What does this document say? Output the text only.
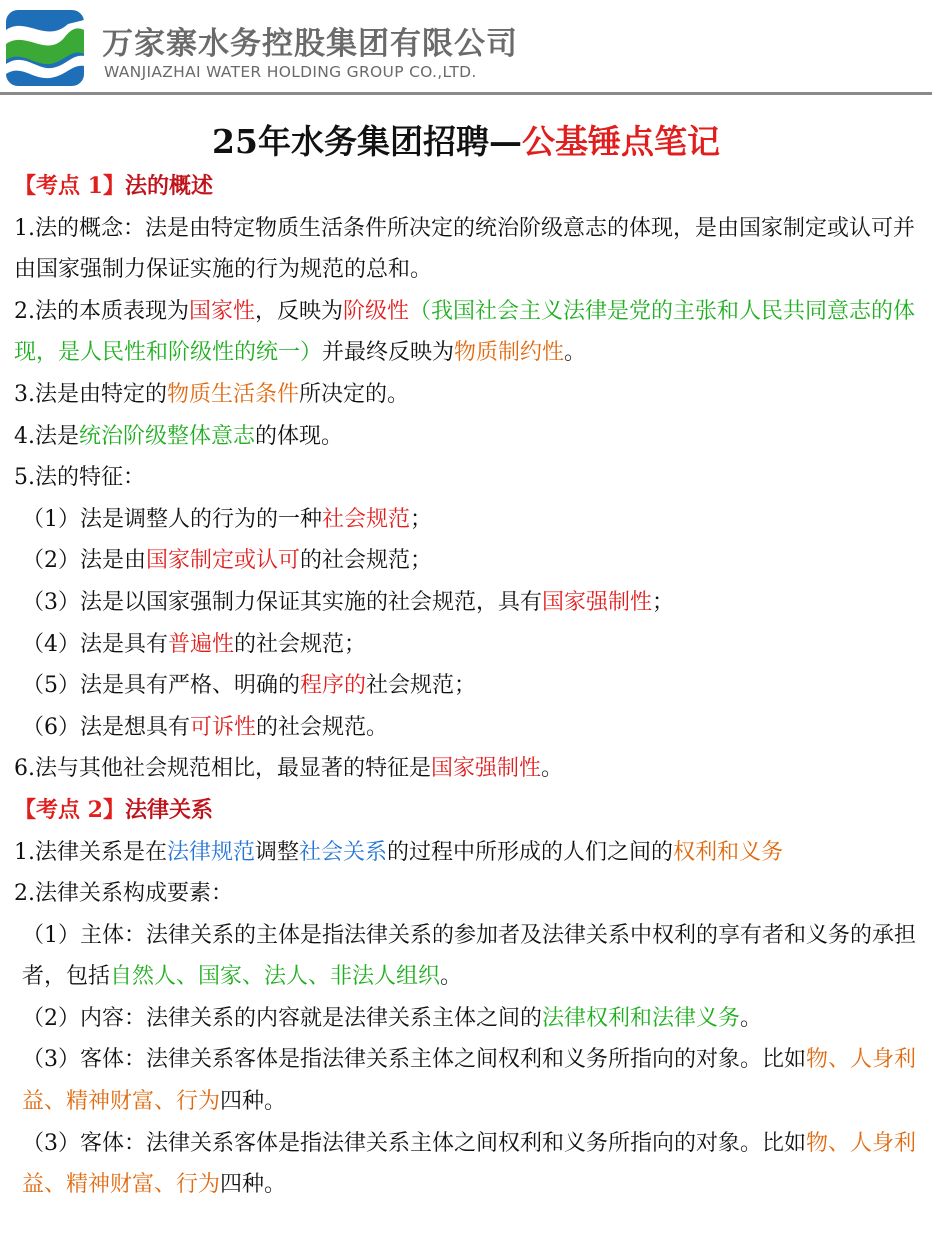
万家寨水务控股集团有限公司
WANJIAZHAI WATER HOLDING GROUP CO.,LTD.
25年水务集团招聘—公基锤点笔记
【考点 1】法的概述
1.法的概念：法是由特定物质生活条件所决定的统治阶级意志的体现，是由国家制定或认可并由国家强制力保证实施的行为规范的总和。
2.法的本质表现为国家性，反映为阶级性（我国社会主义法律是党的主张和人民共同意志的体现，是人民性和阶级性的统一）并最终反映为物质制约性。
3.法是由特定的物质生活条件所决定的。
4.法是统治阶级整体意志的体现。
5.法的特征：
（1）法是调整人的行为的一种社会规范；
（2）法是由国家制定或认可的社会规范；
（3）法是以国家强制力保证其实施的社会规范，具有国家强制性；
（4）法是具有普遍性的社会规范；
（5）法是具有严格、明确的程序的社会规范；
（6）法是想具有可诉性的社会规范。
6.法与其他社会规范相比，最显著的特征是国家强制性。
【考点 2】法律关系
1.法律关系是在法律规范调整社会关系的过程中所形成的人们之间的权利和义务
2.法律关系构成要素：
（1）主体：法律关系的主体是指法律关系的参加者及法律关系中权利的享有者和义务的承担者，包括自然人、国家、法人、非法人组织。
（2）内容：法律关系的内容就是法律关系主体之间的法律权利和法律义务。
（3）客体：法律关系客体是指法律关系主体之间权利和义务所指向的对象。比如物、人身利益、精神财富、行为四种。
（3）客体：法律关系客体是指法律关系主体之间权利和义务所指向的对象。比如物、人身利益、精神财富、行为四种。
